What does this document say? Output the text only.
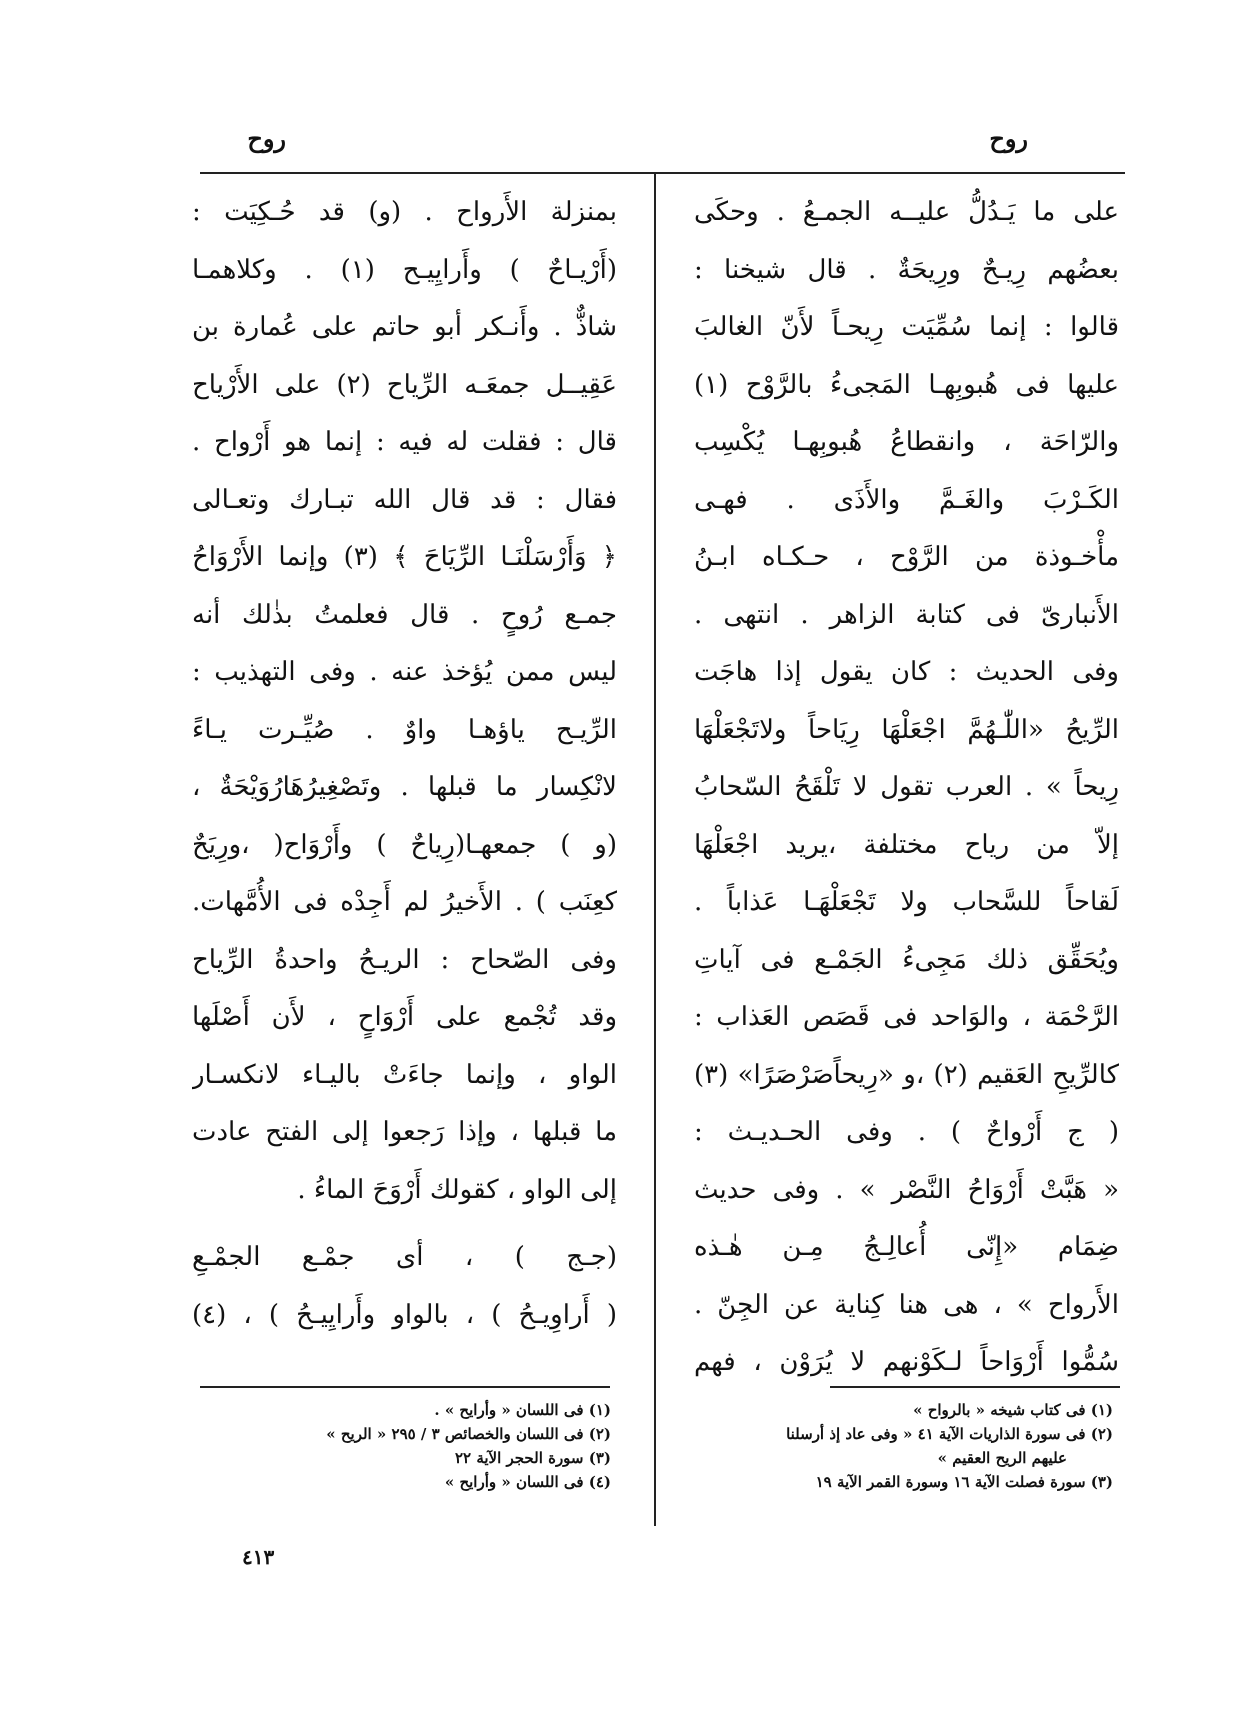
روح
روح
على ما يَـدُلُّ عليــه الجمـعُ . وحكَى
بعضُهم رِيـحٌ ورِيحَةٌ . قال شيخنا :
قالوا : إنما سُمِّيَت رِيحـاً لأَنّ الغالبَ
عليها فى هُبوبِهـا المَجىءُ بالرَّوْح (١)
والرّاحَة ، وانقطاعُ هُبوبِهـا يُكْسِب
الكَـرْبَ والغَـمَّ والأَذَى . فهـى
مأْخـوذة من الرَّوْح ، حـكـاه ابـنُ
الأَنبارىّ فى كتابة الزاهر . انتهى .
وفى الحديث : كان يقول إذا هاجَت
الرِّيحُ «اللّٰـهُمَّ اجْعَلْهَا رِيَاحاً ولاتَجْعَلْهَا
رِيحاً » . العرب تقول لا تَلْقَحُ السّحابُ
إلاّ من رياح مختلفة ،يريد اجْعَلْهَا
لَقاحاً للسَّحاب ولا تَجْعَلْهَـا عَذاباً .
ويُحَقِّق ذلك مَجِىءُ الجَمْـع فى آياتِ
الرَّحْمَة ، والوَاحد فى قَصَص العَذاب :
كالرِّيحِ العَقيم (٢) ،و «رِيحاًصَرْصَرًا» (٣)
( ج أَرْواحٌ ) . وفى الحـديـث :
« هَبَّتْ أَرْوَاحُ النَّصْر » . وفى حديث
ضِمَام «إِنّى أُعالِـجُ مِـن هٰـذه
الأَرواح » ، هى هنا كِناية عن الجِنّ .
سُمُّوا أَرْوَاحاً لـكَوْنهم لا يُرَوْن ، فهم
بمنزلة الأَرواح . (و) قد حُـكِيَت :
(أَرْيـاحٌ ) وأَرايِيـح (١) . وكلاهمـا
شاذٌّ . وأَنـكر أبو حاتم على عُمارة بن
عَقِيــل جمعَـه الرِّياح (٢) على الأَرْياح
قال : فقلت له فيه : إنما هو أَرْواح .
فقال : قد قال الله تبـارك وتعـالى
﴿ وَأَرْسَلْنَـا الرِّيَاحَ ﴾ (٣) وإنما الأَرْوَاحُ
جمـع رُوحٍ . قال فعلمتُ بذٰلك أنه
ليس ممن يُؤخذ عنه . وفى التهذيب :
الرِّيـح ياؤهـا واوٌ . صُيِّـرت يـاءً
لانْكِسار ما قبلها . وتَصْغِيرُهَارُوَيْحَةٌ ،
(و ) جمعهـا(رِياحٌ ) وأَرْوَاح( ،ورِيَحٌ
كعِنَب ) . الأَخيرُ لم أَجِدْه فى الأُمَّهات.
وفى الصّحاح : الريـحُ واحدةُ الرِّياح
وقد تُجْمع على أَرْوَاحٍ ، لأَن أَصْلَها
الواو ، وإنما جاءَتْ باليـاء لانكسـار
ما قبلها ، وإذا رَجعوا إلى الفتح عادت
إلى الواو ، كقولك أَرْوَحَ الماءُ .
(جـج ) ، أى جمْـع الجمْـعِ
( أَراوِيـحُ ) ، بالواو وأَرايِيـحُ ) ، (٤)
(١) فى كتاب شيخه « بالرواح »
(٢) فى سورة الذاريات الآية ٤١ « وفى عاد إذ أرسلنا
عليهم الريح العقيم »
(٣) سورة فصلت الآية ١٦ وسورة القمر الآية ١٩
(١) فى اللسان « وأرايح » .
(٢) فى اللسان والخصائص ٣ / ٢٩٥ « الريح »
(٣) سورة الحجر الآية ٢٢
(٤) فى اللسان « وأرايح »
٤١٣
